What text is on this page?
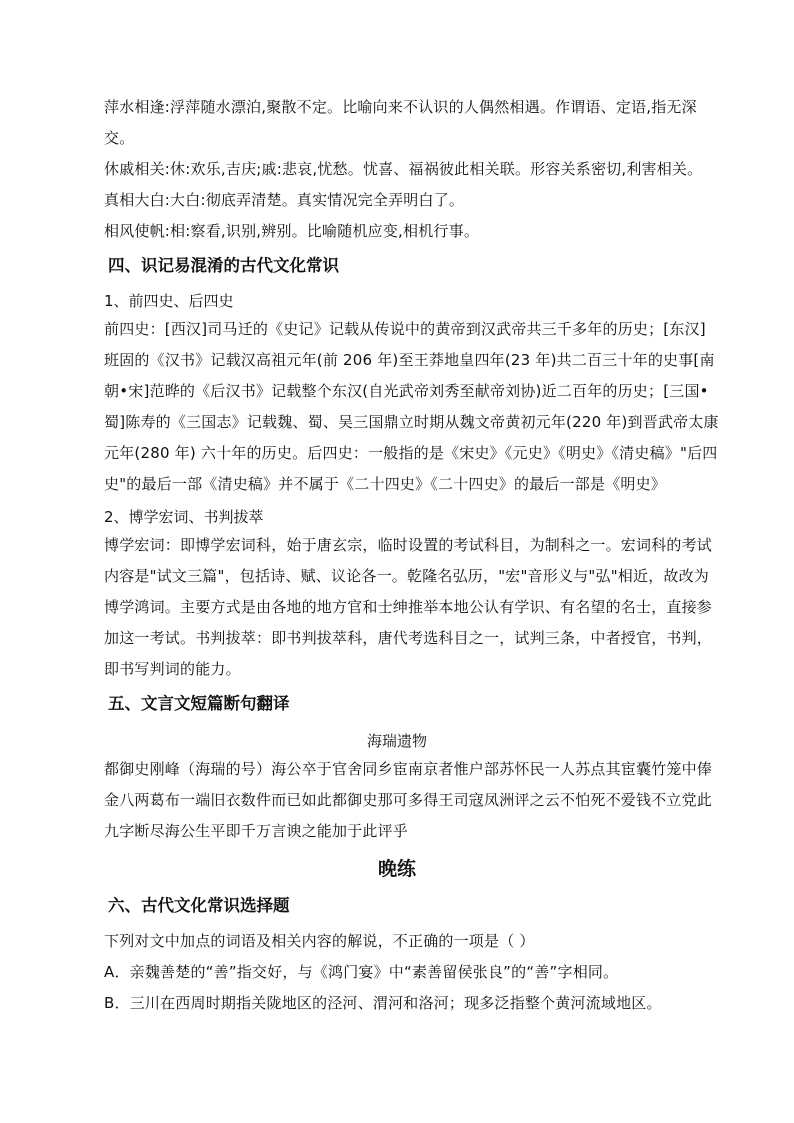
萍水相逢:浮萍随水漂泊,聚散不定。比喻向来不认识的人偶然相遇。作谓语、定语,指无深交。

休戚相关:休:欢乐,吉庆;戚:悲哀,忧愁。忧喜、福祸彼此相关联。形容关系密切,利害相关。

真相大白:大白:彻底弄清楚。真实情况完全弄明白了。

相风使帆:相:察看,识别,辨别。比喻随机应变,相机行事。

四、识记易混淆的古代文化常识

1、前四史、后四史

前四史：[西汉]司马迁的《史记》记载从传说中的黄帝到汉武帝共三千多年的历史；[东汉]班固的《汉书》记载汉高祖元年(前 206 年)至王莽地皇四年(23 年)共二百三十年的史事[南朝•宋]范晔的《后汉书》记载整个东汉(自光武帝刘秀至献帝刘协)近二百年的历史；[三国•蜀]陈寿的《三国志》记载魏、蜀、吴三国鼎立时期从魏文帝黄初元年(220 年)到晋武帝太康元年(280 年) 六十年的历史。后四史：一般指的是《宋史》《元史》《明史》《清史稿》"后四史"的最后一部《清史稿》并不属于《二十四史》《二十四史》的最后一部是《明史》

2、博学宏词、书判拔萃

博学宏词：即博学宏词科，始于唐玄宗，临时设置的考试科目，为制科之一。宏词科的考试内容是"试文三篇"，包括诗、赋、议论各一。乾隆名弘历，"宏"音形义与"弘"相近，故改为博学鸿词。主要方式是由各地的地方官和士绅推举本地公认有学识、有名望的名士，直接参加这一考试。书判拔萃：即书判拔萃科，唐代考选科目之一，试判三条，中者授官，书判，即书写判词的能力。

五、文言文短篇断句翻译

海瑞遗物

都御史刚峰（海瑞的号）海公卒于官舍同乡宦南京者惟户部苏怀民一人苏点其宦囊竹笼中俸金八两葛布一端旧衣数件而已如此都御史那可多得王司寇凤洲评之云不怕死不爱钱不立党此九字断尽海公生平即千万言谀之能加于此评乎

晚练
六、古代文化常识选择题

下列对文中加点的词语及相关内容的解说，不正确的一项是（ ）

A．亲魏善楚的“善”指交好，与《鸿门宴》中“素善留侯张良”的“善”字相同。

B．三川在西周时期指关陇地区的泾河、渭河和洛河；现多泛指整个黄河流域地区。
